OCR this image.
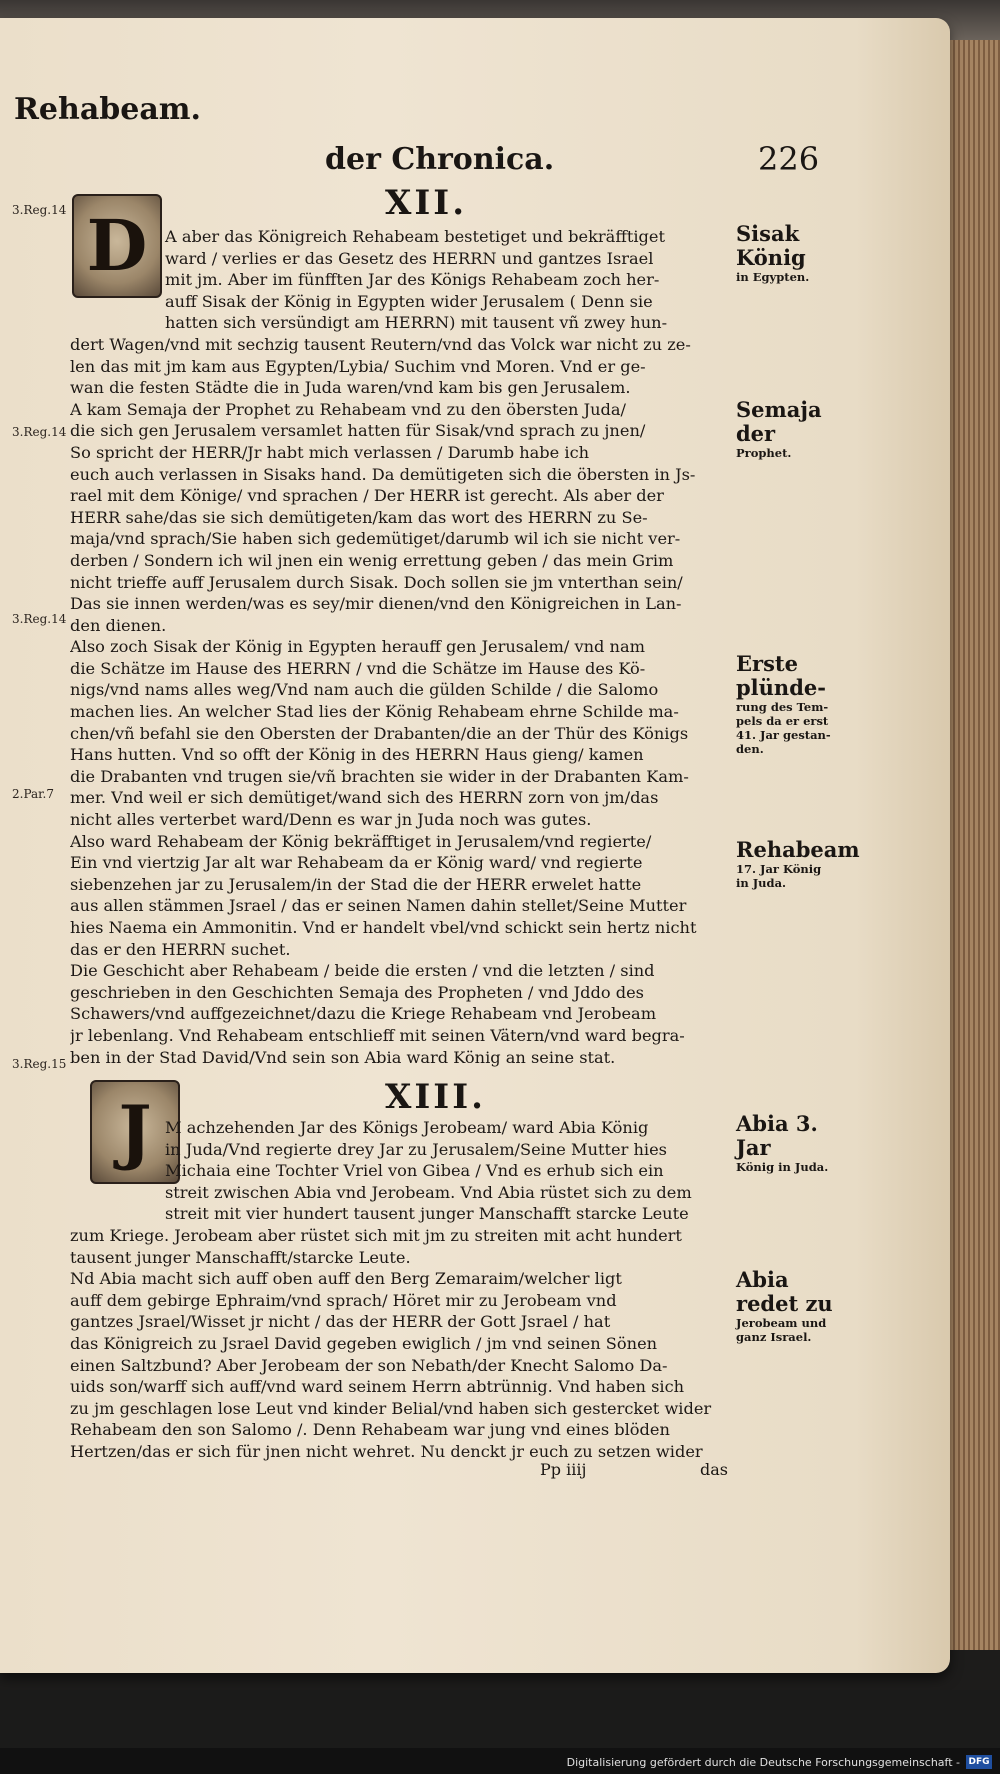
Rehabeam.
der Chronica.	226
XII.
D
3.Reg.14
3.Reg.14
3.Reg.14
2.Par.7
3.Reg.15
Sisak König
in Egypten.
Semaja der
Prophet.
Erste plünde-
rung des Tem-
pels da er erst
41. Jar gestan-
den.
Rehabeam
17. Jar König
in Juda.
Abia 3. Jar
König in Juda.
Abia redet zu
Jerobeam und
ganz Israel.
A aber das Königreich Rehabeam bestetiget und bekräfftiget
ward / verlies er das Gesetz des HERRN und gantzes Israel
mit jm. Aber im fünfften Jar des Königs Rehabeam zoch her-
auff Sisak der König in Egypten wider Jerusalem ( Denn sie
hatten sich versündigt am HERRN) mit tausent vñ zwey hun-
dert Wagen/vnd mit sechzig tausent Reutern/vnd das Volck war nicht zu ze-
len das mit jm kam aus Egypten/Lybia/ Suchim vnd Moren. Vnd er ge-
wan die festen Städte die in Juda waren/vnd kam bis gen Jerusalem.
A kam Semaja der Prophet zu Rehabeam vnd zu den öbersten Juda/
die sich gen Jerusalem versamlet hatten für Sisak/vnd sprach zu jnen/
So spricht der HERR/Jr habt mich verlassen / Darumb habe ich
euch auch verlassen in Sisaks hand. Da demütigeten sich die öbersten in Js-
rael mit dem Könige/ vnd sprachen / Der HERR ist gerecht. Als aber der
HERR sahe/das sie sich demütigeten/kam das wort des HERRN zu Se-
maja/vnd sprach/Sie haben sich gedemütiget/darumb wil ich sie nicht ver-
derben / Sondern ich wil jnen ein wenig errettung geben / das mein Grim
nicht trieffe auff Jerusalem durch Sisak. Doch sollen sie jm vnterthan sein/
Das sie innen werden/was es sey/mir dienen/vnd den Königreichen in Lan-
den dienen.
Also zoch Sisak der König in Egypten herauff gen Jerusalem/ vnd nam
die Schätze im Hause des HERRN / vnd die Schätze im Hause des Kö-
nigs/vnd nams alles weg/Vnd nam auch die gülden Schilde / die Salomo
machen lies. An welcher Stad lies der König Rehabeam ehrne Schilde ma-
chen/vñ befahl sie den Obersten der Drabanten/die an der Thür des Königs
Hans hutten. Vnd so offt der König in des HERRN Haus gieng/ kamen
die Drabanten vnd trugen sie/vñ brachten sie wider in der Drabanten Kam-
mer. Vnd weil er sich demütiget/wand sich des HERRN zorn von jm/das
nicht alles verterbet ward/Denn es war jn Juda noch was gutes.
Also ward Rehabeam der König bekräfftiget in Jerusalem/vnd regierte/
Ein vnd viertzig Jar alt war Rehabeam da er König ward/ vnd regierte
siebenzehen jar zu Jerusalem/in der Stad die der HERR erwelet hatte
aus allen stämmen Jsrael / das er seinen Namen dahin stellet/Seine Mutter
hies Naema ein Ammonitin. Vnd er handelt vbel/vnd schickt sein hertz nicht
das er den HERRN suchet.
Die Geschicht aber Rehabeam / beide die ersten / vnd die letzten / sind
geschrieben in den Geschichten Semaja des Propheten / vnd Jddo des
Schawers/vnd auffgezeichnet/dazu die Kriege Rehabeam vnd Jerobeam
jr lebenlang. Vnd Rehabeam entschlieff mit seinen Vätern/vnd ward begra-
ben in der Stad David/Vnd sein son Abia ward König an seine stat.
XIII.
J M achzehenden Jar des Königs Jerobeam/ ward Abia König
in Juda/Vnd regierte drey Jar zu Jerusalem/Seine Mutter hies
Michaia eine Tochter Vriel von Gibea / Vnd es erhub sich ein
streit zwischen Abia vnd Jerobeam. Vnd Abia rüstet sich zu dem
streit mit vier hundert tausent junger Manschafft starcke Leute
zum Kriege. Jerobeam aber rüstet sich mit jm zu streiten mit acht hundert
tausent junger Manschafft/starcke Leute.
Nd Abia macht sich auff oben auff den Berg Zemaraim/welcher ligt
auff dem gebirge Ephraim/vnd sprach/ Höret mir zu Jerobeam vnd
gantzes Jsrael/Wisset jr nicht / das der HERR der Gott Jsrael / hat
das Königreich zu Jsrael David gegeben ewiglich / jm vnd seinen Sönen
einen Saltzbund? Aber Jerobeam der son Nebath/der Knecht Salomo Da-
uids son/warff sich auff/vnd ward seinem Herrn abtrünnig. Vnd haben sich
zu jm geschlagen lose Leut vnd kinder Belial/vnd haben sich gestercket wider
Rehabeam den son Salomo /. Denn Rehabeam war jung vnd eines blöden
Hertzen/das er sich für jnen nicht wehret. Nu denckt jr euch zu setzen wider
Pp iiij	das
Digitalisierung gefördert durch die Deutsche Forschungsgemeinschaft - DFG
